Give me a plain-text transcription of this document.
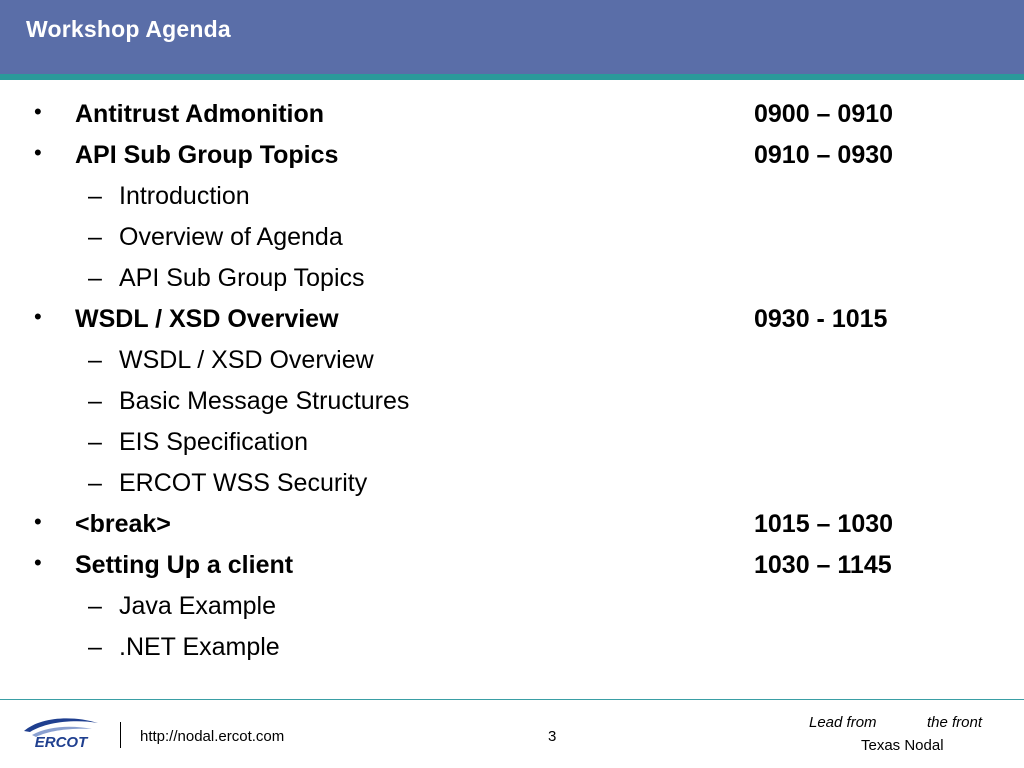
Workshop Agenda
• Antitrust Admonition	0900 – 0910
• API Sub Group Topics	0910 – 0930
– Introduction
– Overview of Agenda
– API Sub Group Topics
• WSDL / XSD Overview	0930 - 1015
– WSDL / XSD Overview
– Basic Message Structures
– EIS Specification
– ERCOT WSS Security
• <break>	1015 – 1030
• Setting Up a client	1030 – 1145
– Java Example
– .NET Example
ERCOT	http://nodal.ercot.com	3
Lead from	the front
Texas Nodal
